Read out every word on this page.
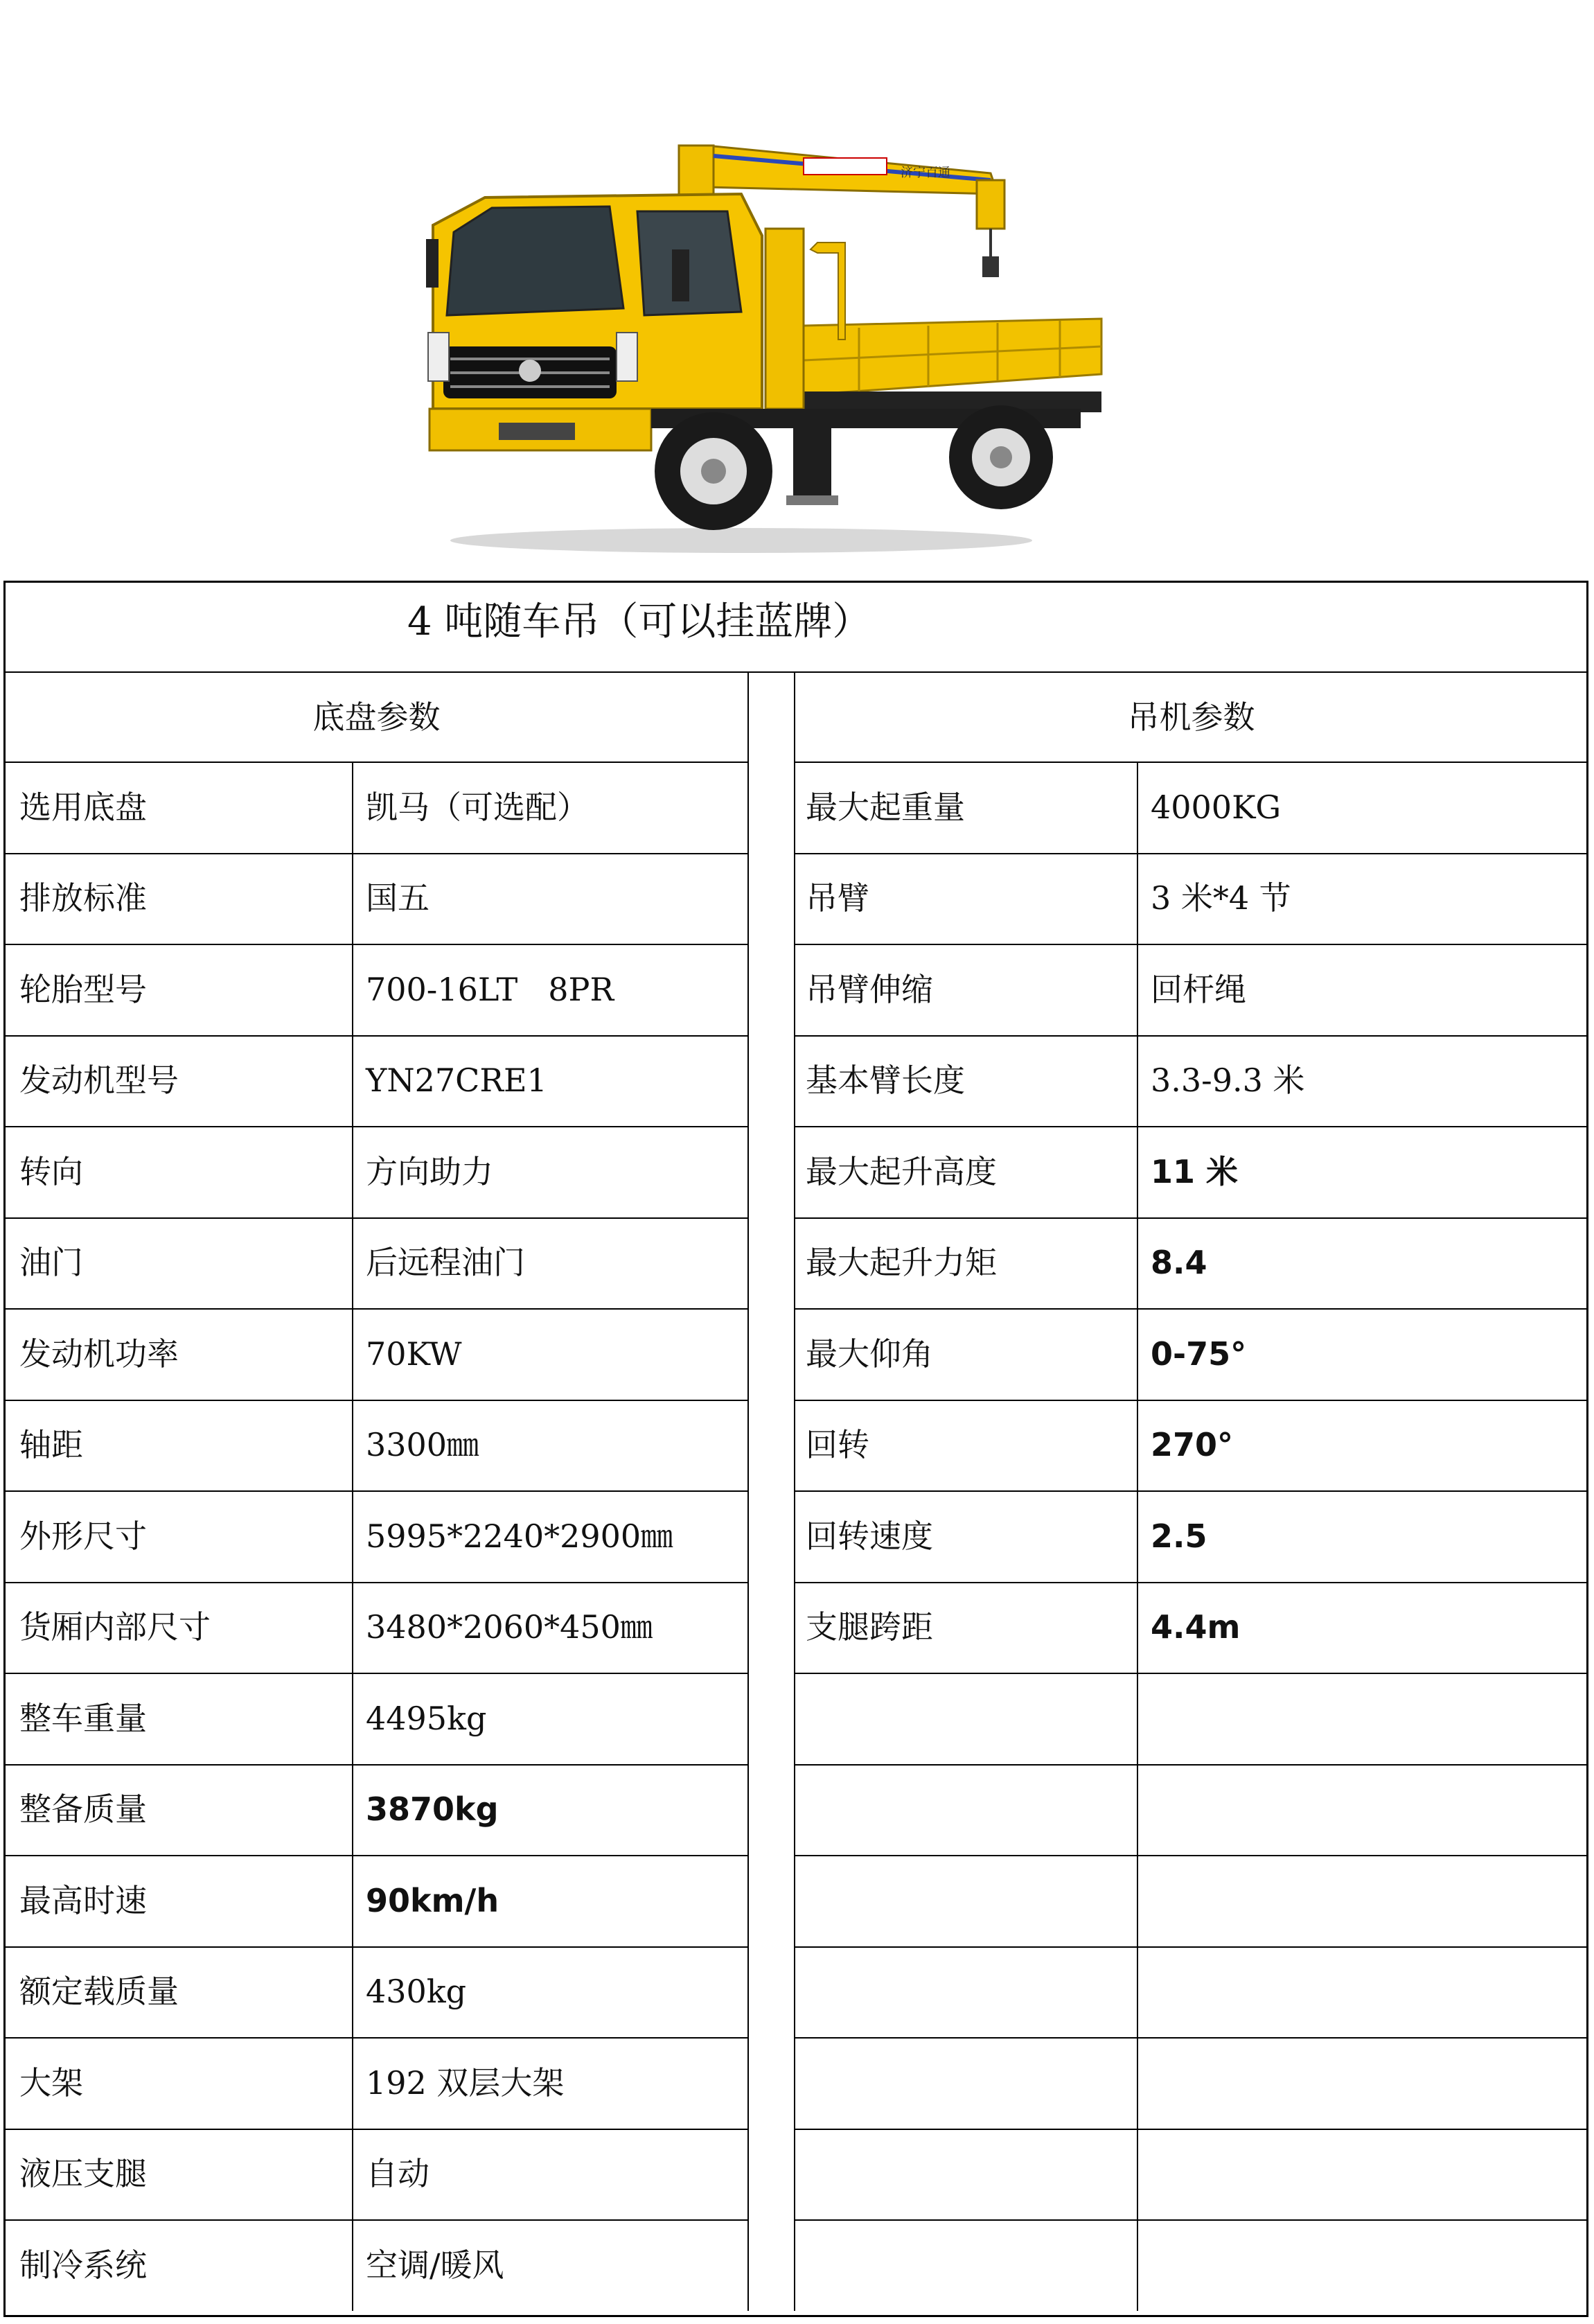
济宁百通
4 吨随车吊（可以挂蓝牌）
底盘参数	吊机参数
选用底盘	凯马（可选配）	最大起重量	4000KG
排放标准	国五	吊臂	3 米*4 节
轮胎型号	700-16LT   8PR	吊臂伸缩	回杆绳
发动机型号	YN27CRE1	基本臂长度	3.3-9.3 米
转向	方向助力	最大起升高度	11 米
油门	后远程油门	最大起升力矩	8.4
发动机功率	70KW	最大仰角	0-75°
轴距	3300㎜	回转	270°
外形尺寸	5995*2240*2900㎜	回转速度	2.5
货厢内部尺寸	3480*2060*450㎜	支腿跨距	4.4m
整车重量	4495kg
整备质量	3870kg
最高时速	90km/h
额定载质量	430kg
大架	192 双层大架
液压支腿	自动
制冷系统	空调/暖风
